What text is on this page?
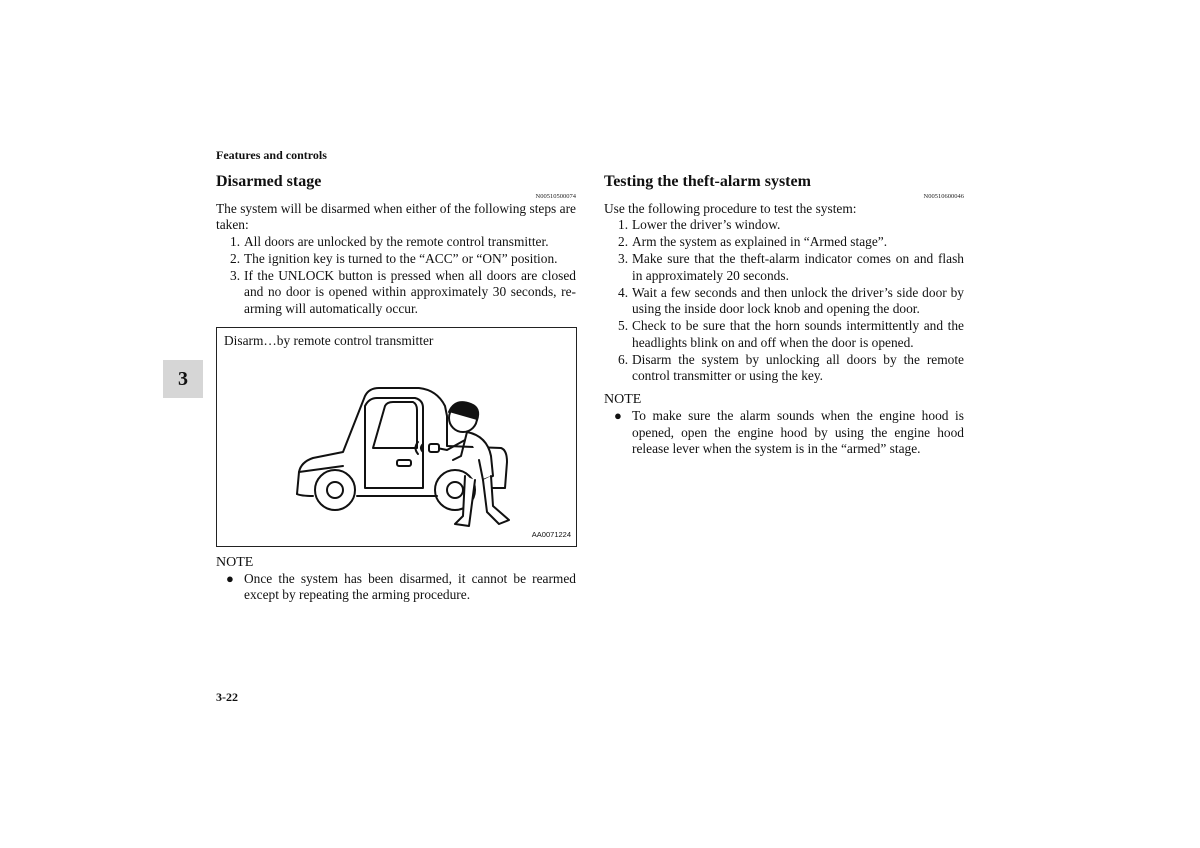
Features and controls
3
Disarmed stage
N00510500074

The system will be disarmed when either of the following steps are taken:

1. All doors are unlocked by the remote control transmitter.
2. The ignition key is turned to the “ACC” or “ON” position.
3. If the UNLOCK button is pressed when all doors are closed and no door is opened within approximately 30 seconds, re-arming will automatically occur.
Disarm…by remote control transmitter
AA0071224
NOTE
● Once the system has been disarmed, it cannot be rearmed except by repeating the arming procedure.
Testing the theft-alarm system
N00510600046

Use the following procedure to test the system:

1. Lower the driver’s window.
2. Arm the system as explained in “Armed stage”.
3. Make sure that the theft-alarm indicator comes on and flash in approximately 20 seconds.
4. Wait a few seconds and then unlock the driver’s side door by using the inside door lock knob and opening the door.
5. Check to be sure that the horn sounds intermittently and the headlights blink on and off when the door is opened.
6. Disarm the system by unlocking all doors by the remote control transmitter or using the key.
NOTE
● To make sure the alarm sounds when the engine hood is opened, open the engine hood by using the engine hood release lever when the system is in the “armed” stage.
3-22
